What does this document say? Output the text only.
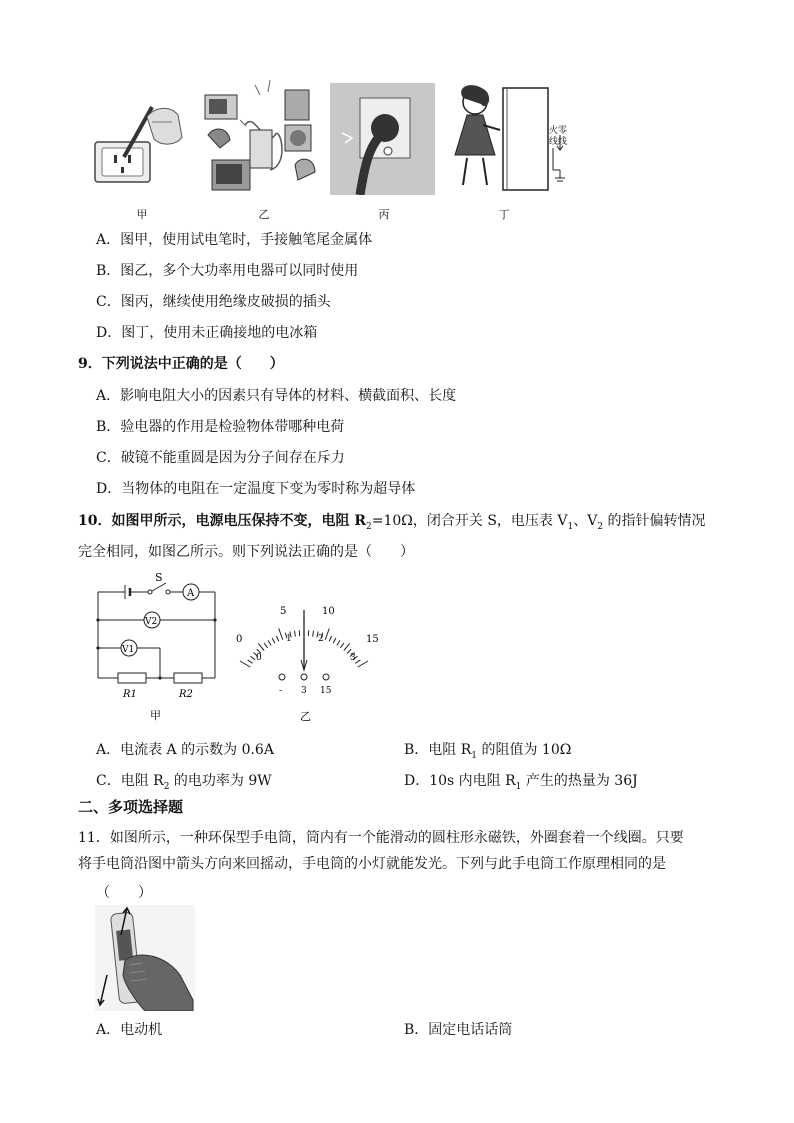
火零
线线
甲	乙	丙	丁
A．图甲，使用试电笔时，手接触笔尾金属体
B．图乙，多个大功率用电器可以同时使用
C．图丙，继续使用绝缘皮破损的插头
D．图丁，使用未正确接地的电冰箱
9．下列说法中正确的是（　　）
A．影响电阻大小的因素只有导体的材料、横截面积、长度
B．验电器的作用是检验物体带哪种电荷
C．破镜不能重圆是因为分子间存在斥力
D．当物体的电阻在一定温度下变为零时称为超导体
10．如图甲所示，电源电压保持不变，电阻 $R_2=10\Omega$，闭合开关 S，电压表 $V_1$、$V_2$ 的指针偏转情况
完全相同，如图乙所示。则下列说法正确的是（　　）
S
A
V2
V1
R1	R2
甲
0
5	10
15
0
1	2
3
- 3 15
乙
A．电流表 A 的示数为 0.6A	B．电阻 $R_1$ 的阻值为 10Ω
C．电阻 $R_2$ 的电功率为 9W	D．10s 内电阻 $R_1$ 产生的热量为 36J
二、多项选择题
11．如图所示，一种环保型手电筒，筒内有一个能滑动的圆柱形永磁铁，外圈套着一个线圈。只要
将手电筒沿图中箭头方向来回摇动，手电筒的小灯就能发光。下列与此手电筒工作原理相同的是
（　　）
A．电动机	B．固定电话话筒
